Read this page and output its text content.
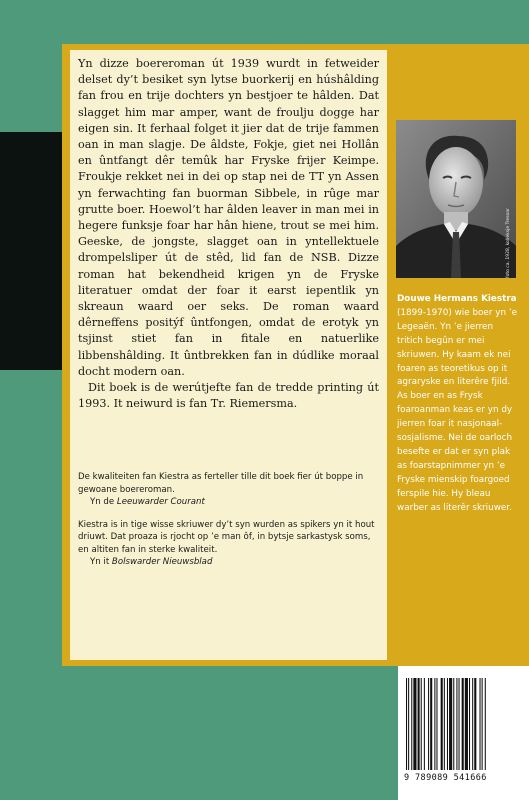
Yn dizze boereroman út 1939 wurdt in fetweider delset dy’t besiket syn lytse buorkerij en húshâlding fan frou en trije dochters yn bestjoer te hâlden. Dat slagget him mar amper, want de froulju dogge har eigen sin. It ferhaal folget it jier dat de trije fammen oan in man slagje. De âldste, Fokje, giet nei Hollân en ûntfangt dêr temûk har Fryske frijer Keimpe. Froukje rekket nei in dei op stap nei de TT yn Assen yn ferwachting fan buorman Sibbele, in rûge mar grutte boer. Hoewol’t har âlden leaver in man mei in hegere funksje foar har hân hiene, trout se mei him. Geeske, de jongste, slagget oan in yntellektuele drompelsliper út de stêd, lid fan de NSB. Dizze roman hat bekendheid krigen yn de Fryske literatuer omdat der foar it earst iepentlik yn skreaun waard oer seks. De roman waard dêrneffens positýf ûntfongen, omdat de erotyk yn tsjinst stiet fan in fitale en natuerlike libbenshâlding. It ûntbrekken fan in dúdlike moraal docht modern oan.

Dit boek is de werútjefte fan de tredde printing út 1993. It neiwurd is fan Tr. Riemersma.

De kwaliteiten fan Kiestra as ferteller tille dit boek fier út boppe in gewoane boereroman.
Yn de Leeuwarder Courant
Kiestra is in tige wisse skriuwer dy’t syn wurden as spikers yn it hout driuwt. Dat proaza is rjocht op ’e man ôf, in bytsje sarkastysk soms, en altiten fan in sterke kwaliteit.
Yn it Bolswarder Nieuwsblad
foto ca. 1928, kolleksje Tresoar
Douwe Hermans Kiestra (1899-1970) wie boer yn ’e Legeaën. Yn ’e jierren tritich begûn er mei skriuwen. Hy kaam ek nei foaren as teoretikus op it agraryske en literêre fjild. As boer en as Frysk foaroanman keas er yn dy jierren foar it nasjonaal-sosjalisme. Nei de oarloch besefte er dat er syn plak as foarstapnimmer yn ’e Fryske mienskip foargoed ferspile hie. Hy bleau warber as literêr skriuwer.
9 789089 541666
